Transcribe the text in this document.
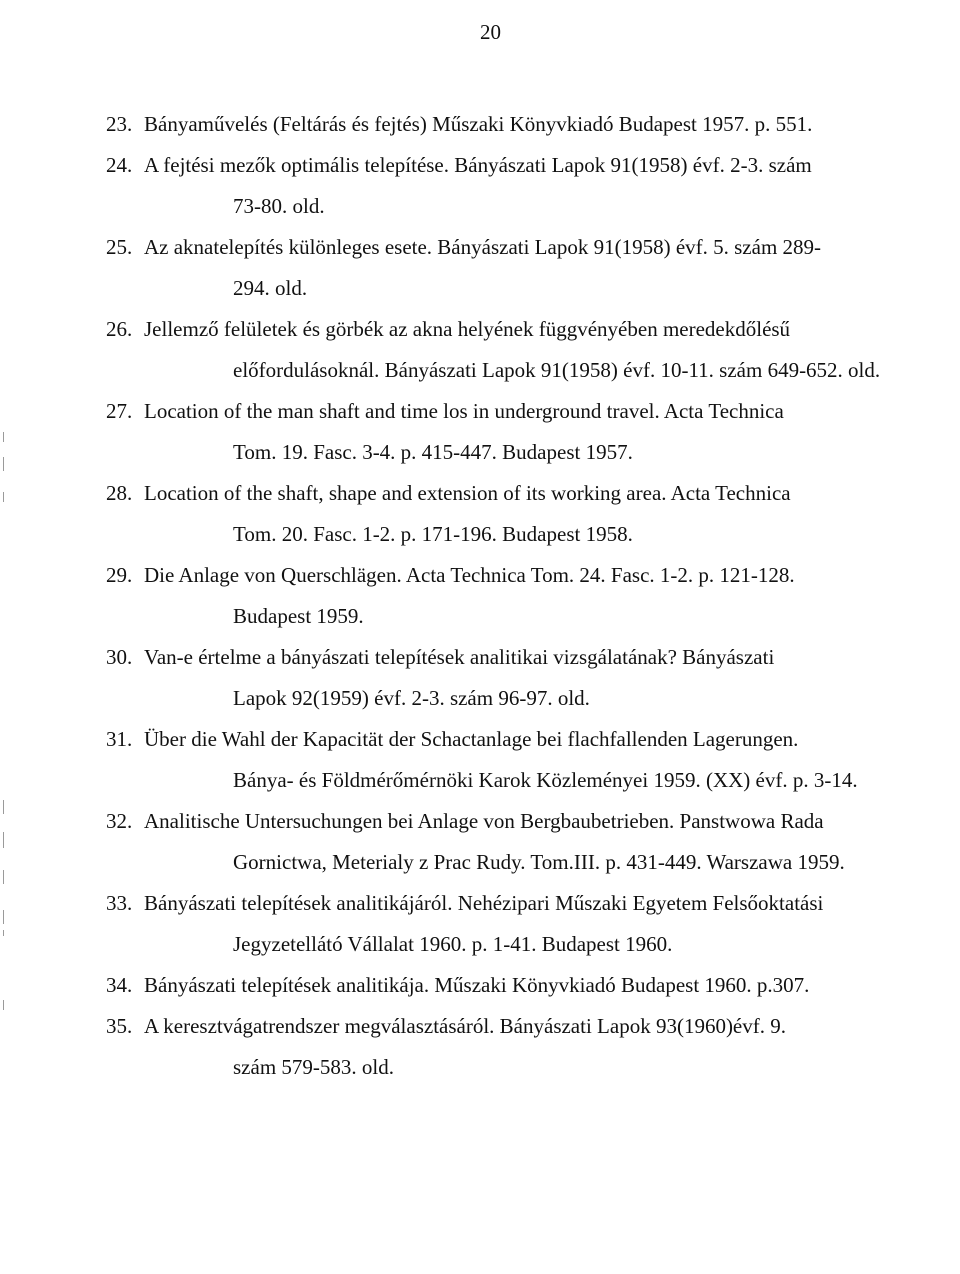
20
23. Bányaművelés (Feltárás és fejtés) Műszaki Könyvkiadó Budapest 1957. p. 551.
24. A fejtési mezők optimális telepítése. Bányászati Lapok 91(1958) évf. 2-3. szám
73-80. old.
25. Az aknatelepítés különleges esete. Bányászati Lapok 91(1958) évf. 5. szám 289-
294. old.
26. Jellemző felületek és görbék az akna helyének függvényében meredekdőlésű
előfordulásoknál. Bányászati Lapok 91(1958) évf. 10-11. szám 649-652. old.
27. Location of the man shaft and time los in underground travel. Acta Technica
Tom. 19. Fasc. 3-4. p. 415-447. Budapest 1957.
28. Location of the shaft, shape and extension of its working area. Acta Technica
Tom. 20. Fasc. 1-2. p. 171-196. Budapest 1958.
29. Die Anlage von Querschlägen. Acta Technica Tom. 24. Fasc. 1-2. p. 121-128.
Budapest 1959.
30. Van-e értelme a bányászati telepítések analitikai vizsgálatának? Bányászati
Lapok 92(1959) évf. 2-3. szám 96-97. old.
31. Über die Wahl der Kapacität der Schactanlage bei flachfallenden Lagerungen.
Bánya- és Földmérőmérnöki Karok Közleményei 1959. (XX) évf. p. 3-14.
32. Analitische Untersuchungen bei Anlage von Bergbaubetrieben. Panstwowa Rada
Gornictwa, Meterialy z Prac Rudy. Tom.III. p. 431-449. Warszawa 1959.
33. Bányászati telepítések analitikájáról. Nehézipari Műszaki Egyetem Felsőoktatási
Jegyzetellátó Vállalat 1960. p. 1-41. Budapest 1960.
34. Bányászati telepítések analitikája. Műszaki Könyvkiadó Budapest 1960. p.307.
35. A keresztvágatrendszer megválasztásáról. Bányászati Lapok 93(1960)évf. 9.
szám 579-583. old.
